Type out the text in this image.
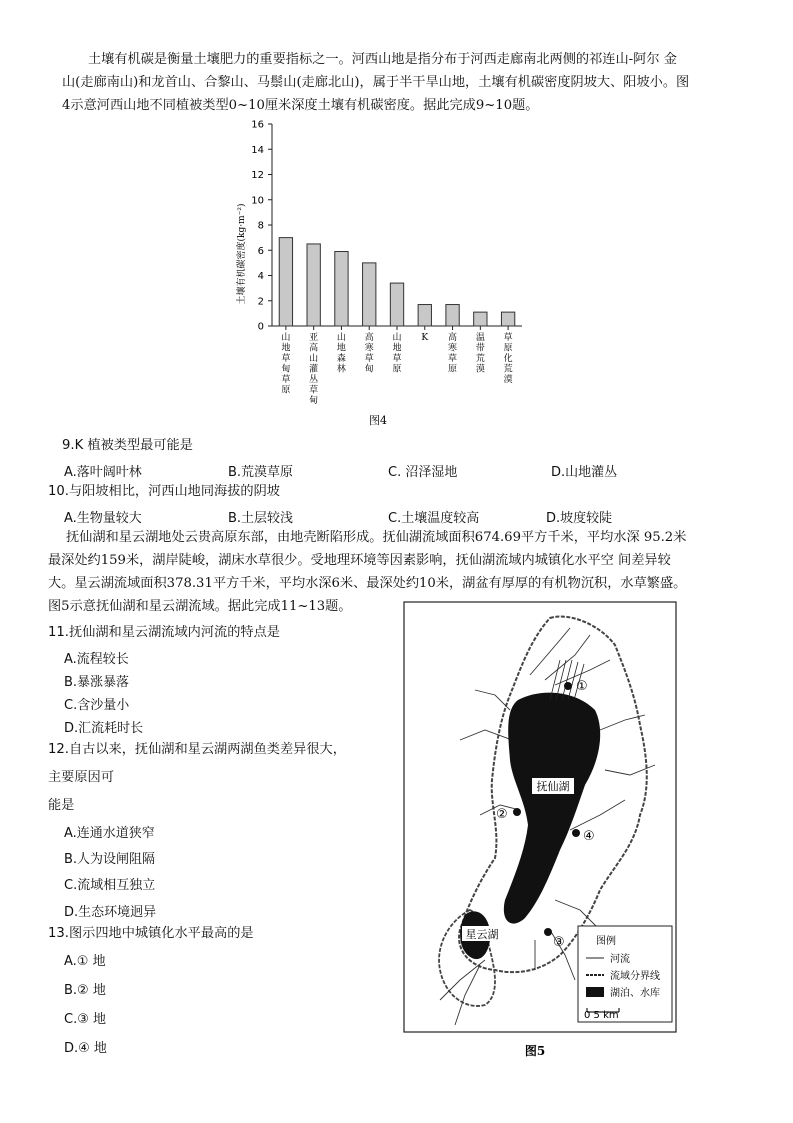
土壤有机碳是衡量土壤肥力的重要指标之一。河西山地是指分布于河西走廊南北两侧的祁连山-阿尔 金
山(走廊南山)和龙首山、合黎山、马鬃山(走廊北山)，属于半干旱山地，土壤有机碳密度阴坡大、阳坡小。图
4示意河西山地不同植被类型0~10厘米深度土壤有机碳密度。据此完成9~10题。
0
2
4
6
8
10
12
14
16
山地草甸草原
亚高山灌丛草甸
山地森林
高寒草甸
山地草原
K 高寒草原
温带荒漠
草原化荒漠
土壤有机碳密度(kg·m⁻²)
图4
9.K 植被类型最可能是
A.落叶阔叶林	B.荒漠草原	C. 沼泽湿地	D.山地灌丛
10.与阳坡相比，河西山地同海拔的阴坡
A.生物量较大	B.土层较浅	C.土壤温度较高	D.坡度较陡
抚仙湖和星云湖地处云贵高原东部，由地壳断陷形成。抚仙湖流域面积674.69平方千米，平均水深 95.2米
最深处约159米，湖岸陡峻，湖床水草很少。受地理环境等因素影响，抚仙湖流域内城镇化水平空 间差异较
大。星云湖流域面积378.31平方千米，平均水深6米、最深处约10米，湖盆有厚厚的有机物沉积，水草繁盛。
图5示意抚仙湖和星云湖流域。据此完成11~13题。
11.抚仙湖和星云湖流域内河流的特点是
A.流程较长
B.暴涨暴落
C.含沙量小
D.汇流耗时长
12.自古以来，抚仙湖和星云湖两湖鱼类差异很大，
主要原因可
能是
A.连通水道狭窄
B.人为设闸阻隔
C.流域相互独立
D.生态环境迥异
13.图示四地中城镇化水平最高的是
A.① 地
B.② 地
C.③ 地
D.④ 地
抚仙湖
星云湖
①
②
③
④
图例
河流
流域分界线
湖泊、水库
0 5 km
图5
